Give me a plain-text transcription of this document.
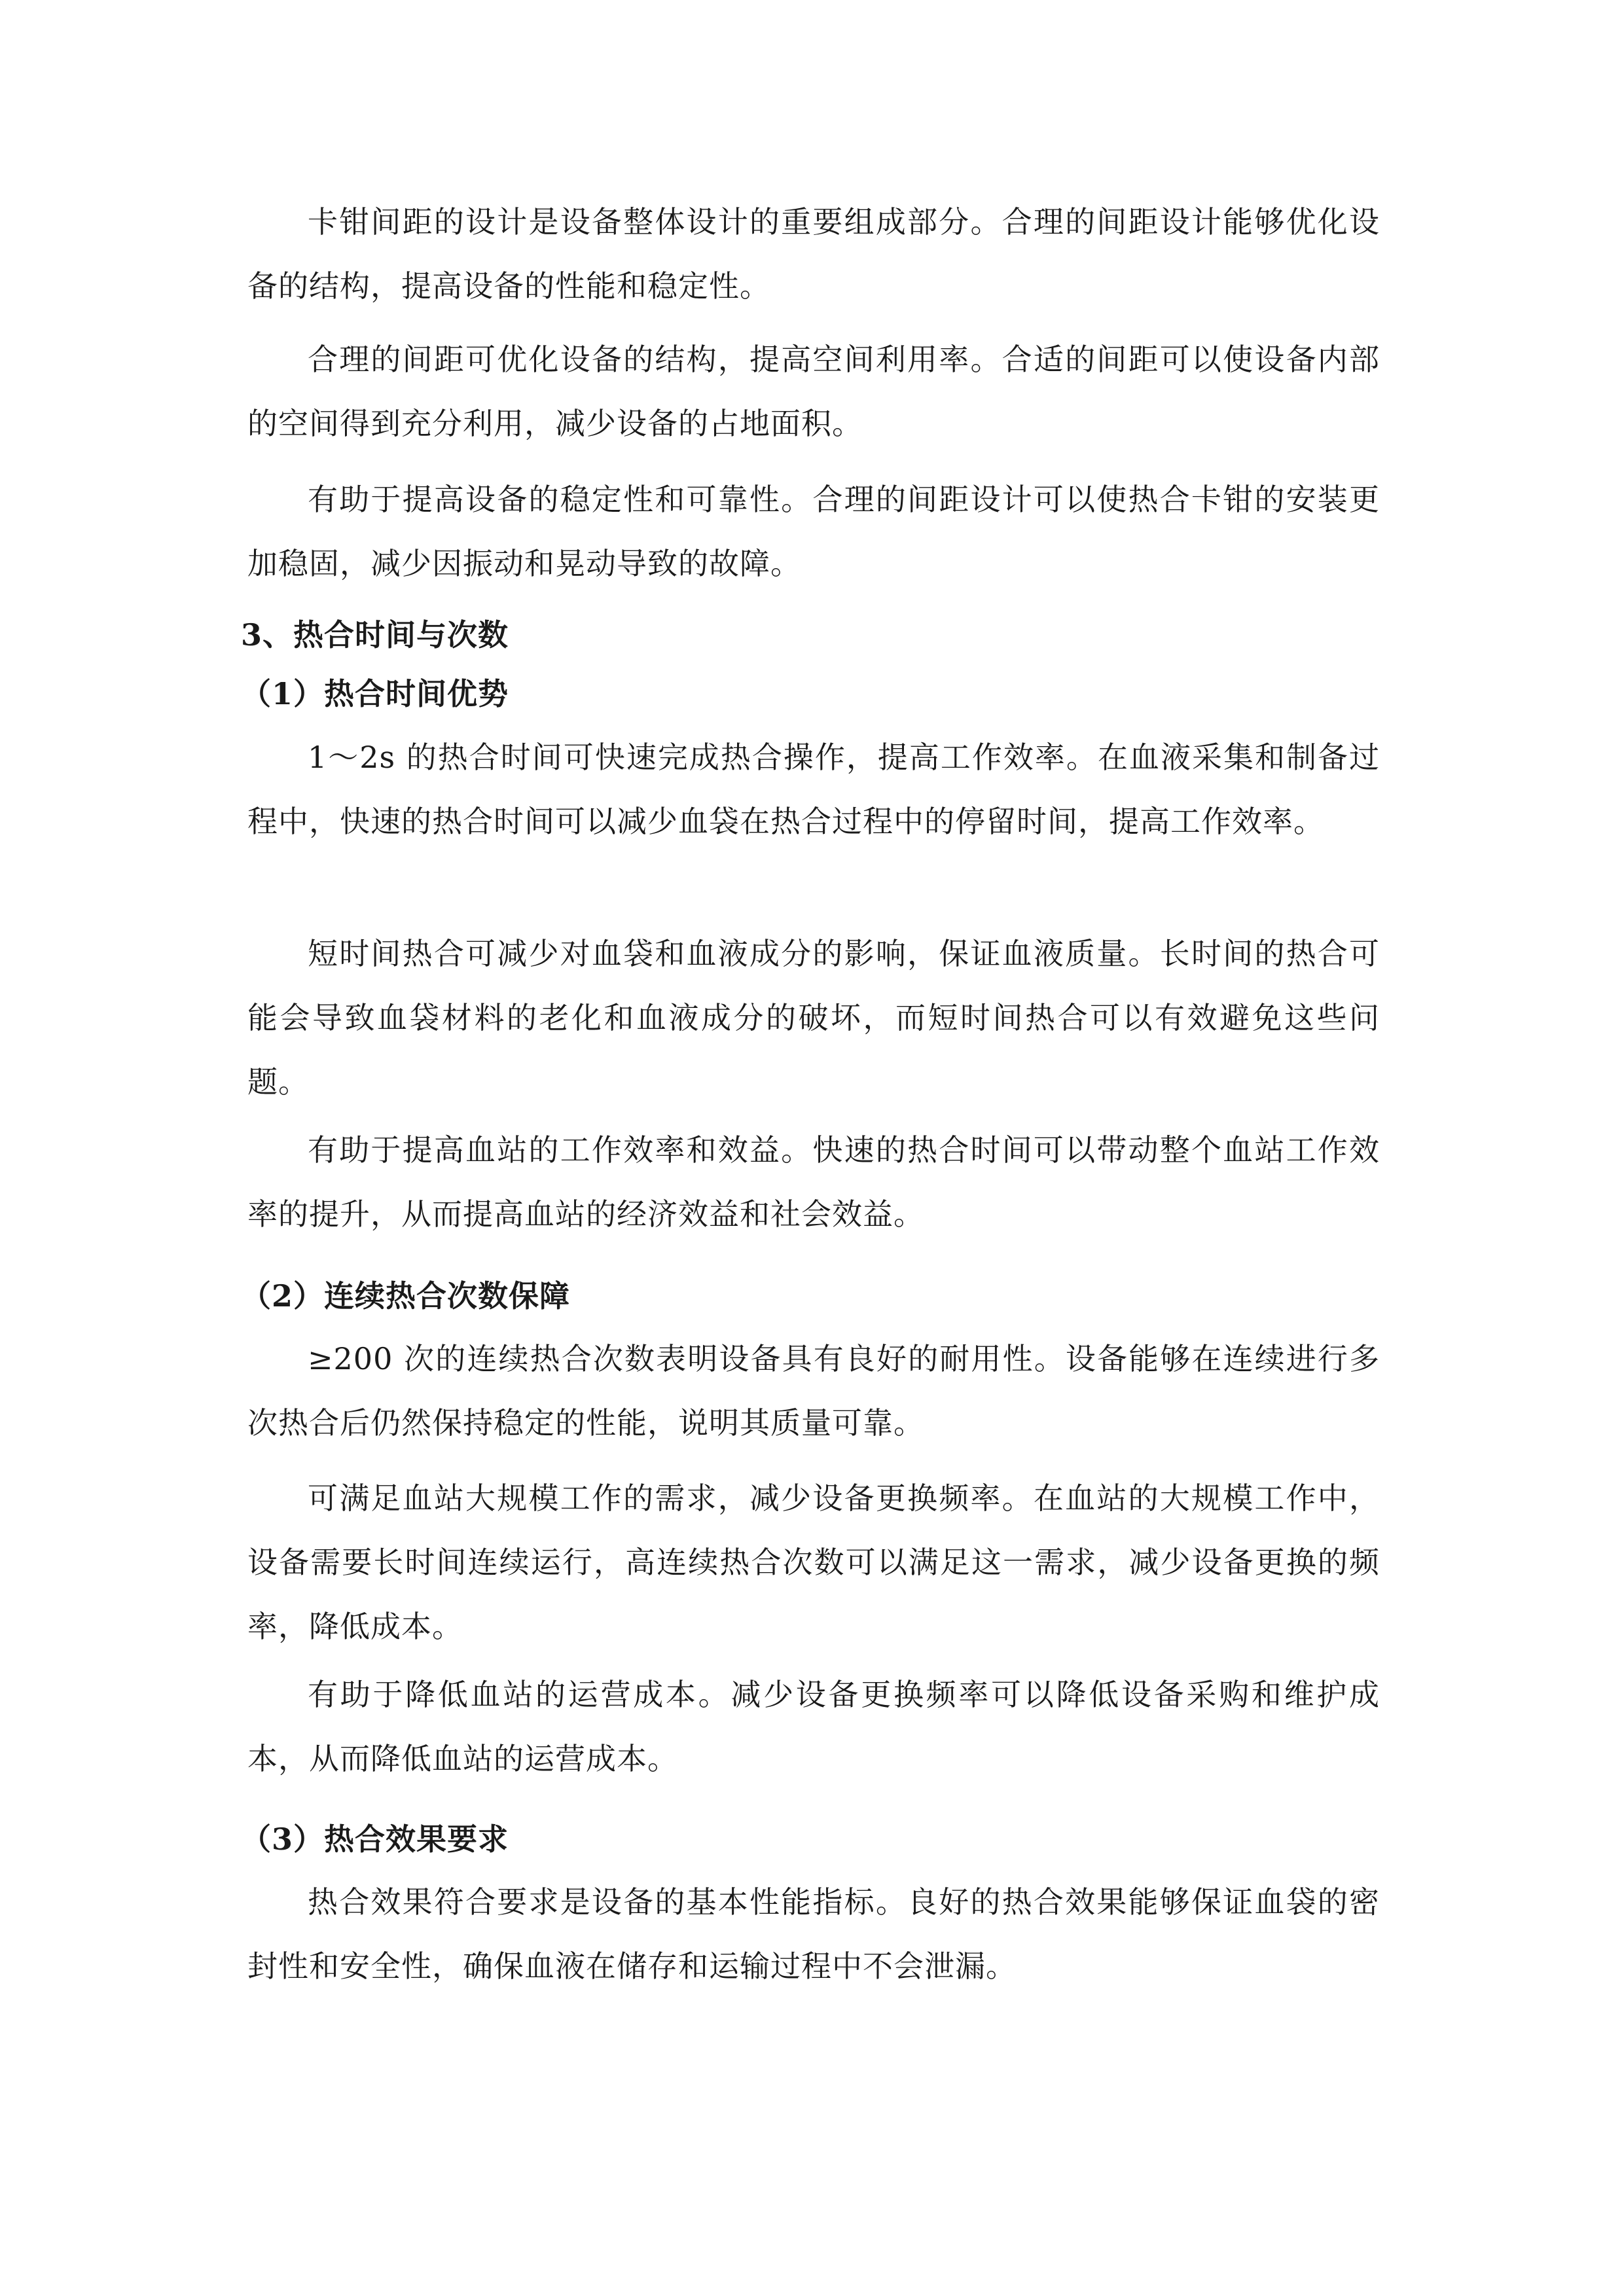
卡钳间距的设计是设备整体设计的重要组成部分。合理的间距设计能够优化设备的结构，提高设备的性能和稳定性。

合理的间距可优化设备的结构，提高空间利用率。合适的间距可以使设备内部的空间得到充分利用，减少设备的占地面积。

有助于提高设备的稳定性和可靠性。合理的间距设计可以使热合卡钳的安装更加稳固，减少因振动和晃动导致的故障。

3、热合时间与次数
（1）热合时间优势

1～2s 的热合时间可快速完成热合操作，提高工作效率。在血液采集和制备过程中，快速的热合时间可以减少血袋在热合过程中的停留时间，提高工作效率。

短时间热合可减少对血袋和血液成分的影响，保证血液质量。长时间的热合可能会导致血袋材料的老化和血液成分的破坏，而短时间热合可以有效避免这些问题。

有助于提高血站的工作效率和效益。快速的热合时间可以带动整个血站工作效率的提升，从而提高血站的经济效益和社会效益。

（2）连续热合次数保障

≥200 次的连续热合次数表明设备具有良好的耐用性。设备能够在连续进行多次热合后仍然保持稳定的性能，说明其质量可靠。

可满足血站大规模工作的需求，减少设备更换频率。在血站的大规模工作中，设备需要长时间连续运行，高连续热合次数可以满足这一需求，减少设备更换的频率，降低成本。

有助于降低血站的运营成本。减少设备更换频率可以降低设备采购和维护成本，从而降低血站的运营成本。

（3）热合效果要求

热合效果符合要求是设备的基本性能指标。良好的热合效果能够保证血袋的密封性和安全性，确保血液在储存和运输过程中不会泄漏。
